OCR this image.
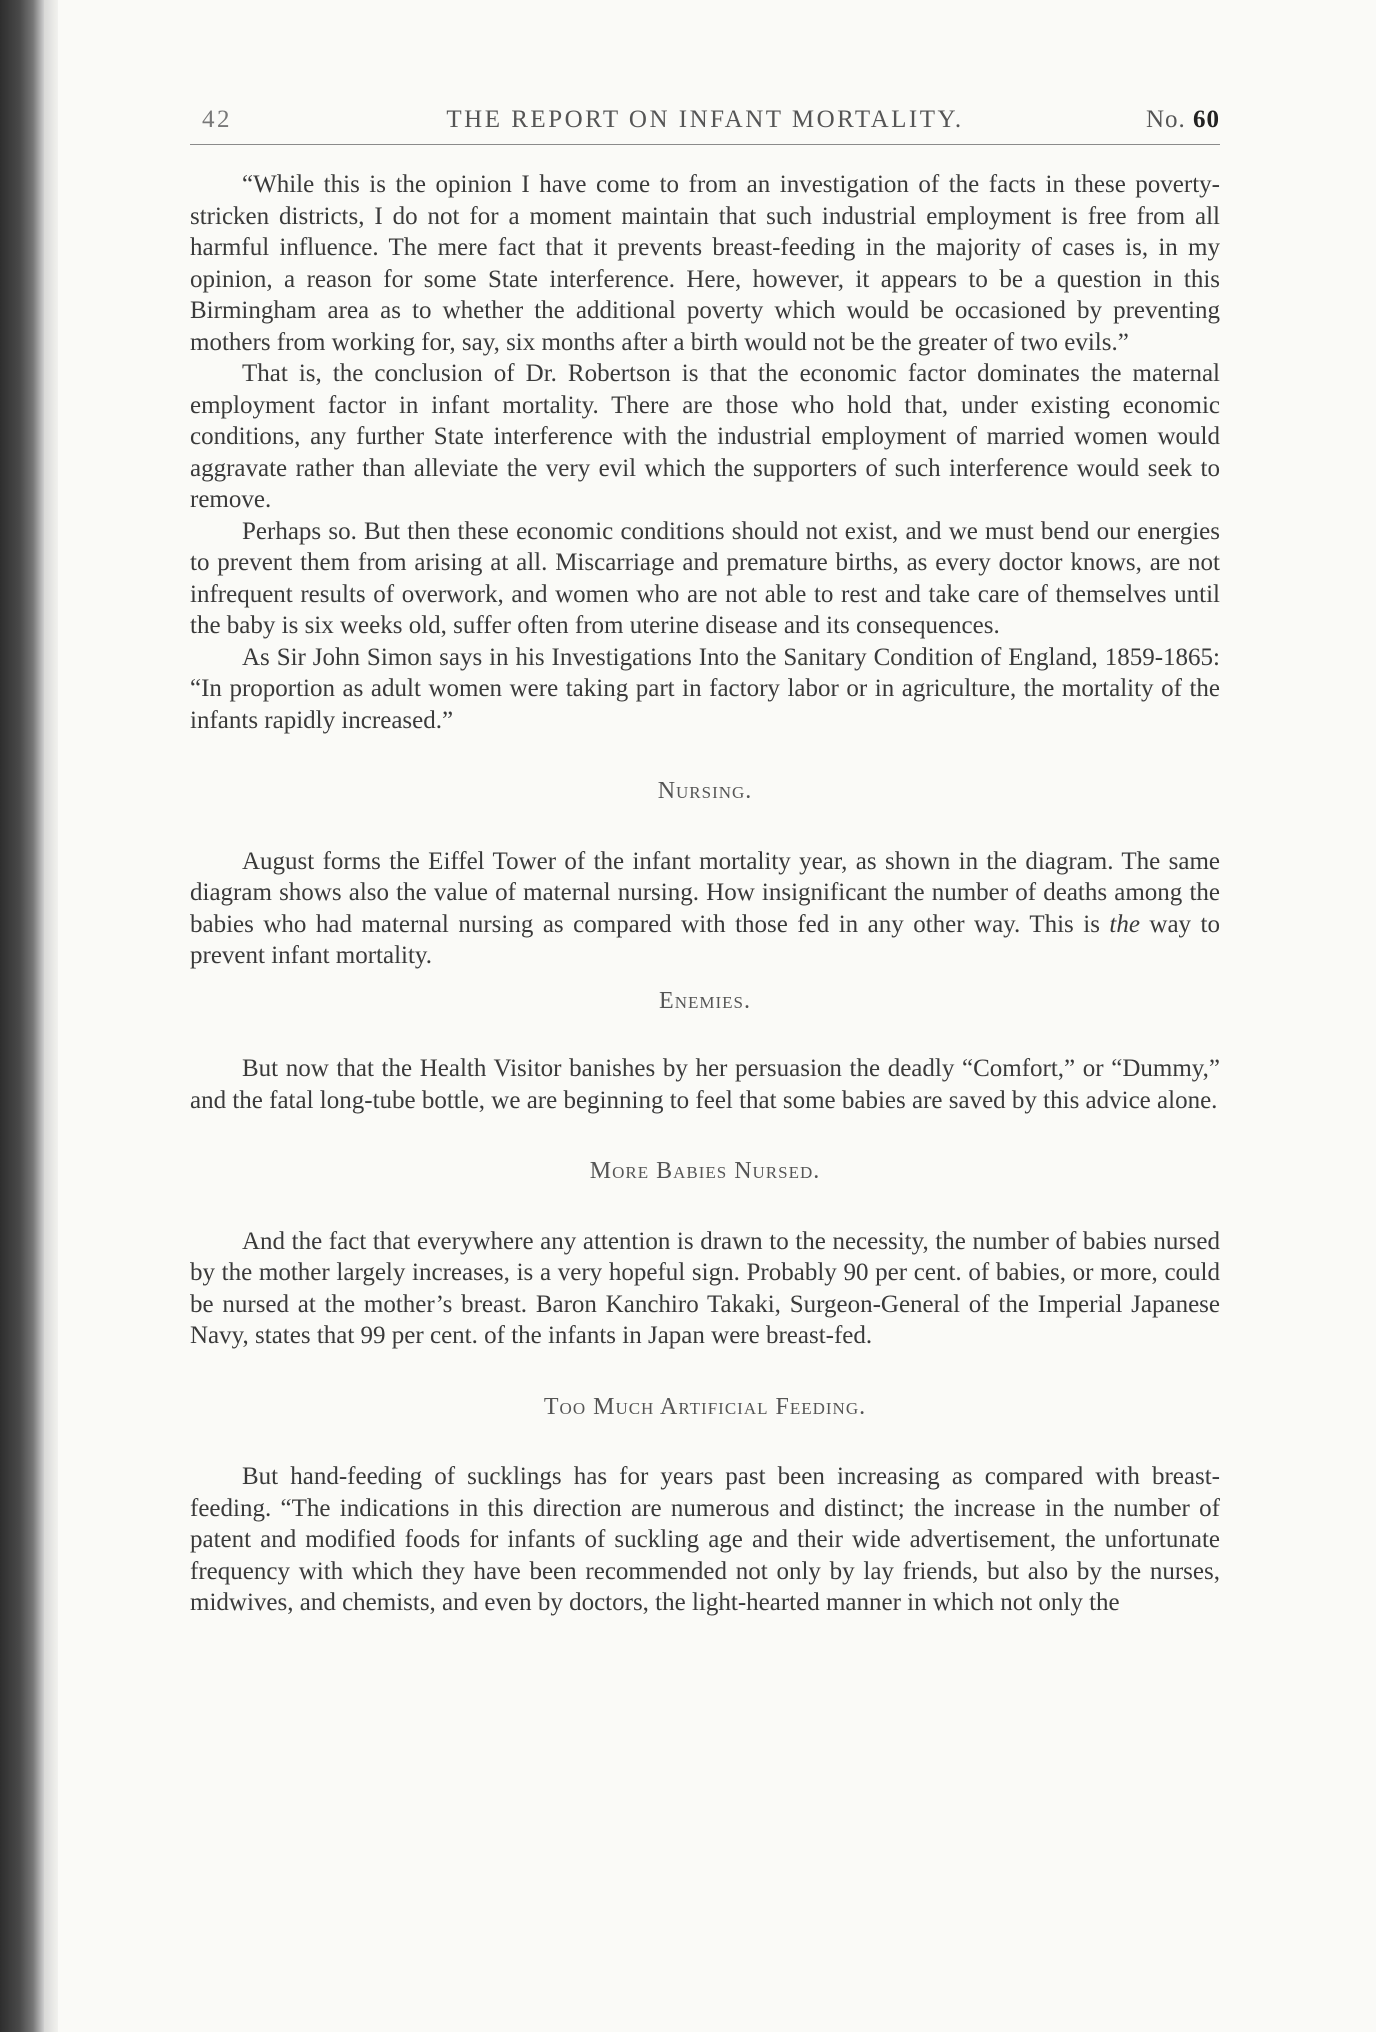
42	THE REPORT ON INFANT MORTALITY.	No. 60

“While this is the opinion I have come to from an investigation of the facts in these poverty-stricken districts, I do not for a moment maintain that such industrial employment is free from all harmful influence. The mere fact that it prevents breast-feeding in the majority of cases is, in my opinion, a reason for some State interference. Here, however, it appears to be a question in this Birmingham area as to whether the additional poverty which would be occasioned by preventing mothers from working for, say, six months after a birth would not be the greater of two evils.”

That is, the conclusion of Dr. Robertson is that the economic factor dominates the maternal employment factor in infant mortality. There are those who hold that, under existing economic conditions, any further State interference with the industrial employment of married women would aggravate rather than alleviate the very evil which the supporters of such interference would seek to remove.

Perhaps so. But then these economic conditions should not exist, and we must bend our energies to prevent them from arising at all. Miscarriage and premature births, as every doctor knows, are not infrequent results of overwork, and women who are not able to rest and take care of themselves until the baby is six weeks old, suffer often from uterine disease and its consequences.

As Sir John Simon says in his Investigations Into the Sanitary Condition of England, 1859-1865: “In proportion as adult women were taking part in factory labor or in agriculture, the mortality of the infants rapidly increased.”

Nursing.

August forms the Eiffel Tower of the infant mortality year, as shown in the diagram. The same diagram shows also the value of maternal nursing. How insignificant the number of deaths among the babies who had maternal nursing as compared with those fed in any other way. This is the way to prevent infant mortality.

Enemies.

But now that the Health Visitor banishes by her persuasion the deadly “Comfort,” or “Dummy,” and the fatal long-tube bottle, we are beginning to feel that some babies are saved by this advice alone.

More Babies Nursed.

And the fact that everywhere any attention is drawn to the necessity, the number of babies nursed by the mother largely increases, is a very hopeful sign. Probably 90 per cent. of babies, or more, could be nursed at the mother’s breast. Baron Kanchiro Takaki, Surgeon-General of the Imperial Japanese Navy, states that 99 per cent. of the infants in Japan were breast-fed.

Too Much Artificial Feeding.

But hand-feeding of sucklings has for years past been increasing as compared with breast-feeding. “The indications in this direction are numerous and distinct; the increase in the number of patent and modified foods for infants of suckling age and their wide advertisement, the unfortunate frequency with which they have been recommended not only by lay friends, but also by the nurses, midwives, and chemists, and even by doctors, the light-hearted manner in which not only the
